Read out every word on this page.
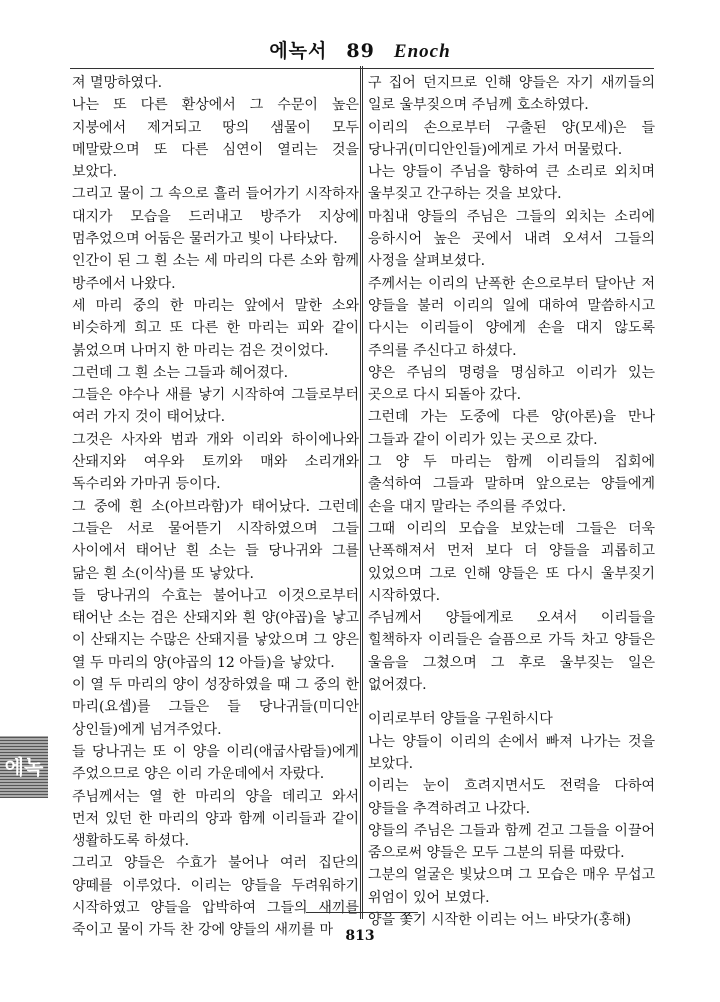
에녹서 89 Enoch

져 멸망하였다.

나는 또 다른 환상에서 그 수문이 높은 지붕에서 제거되고 땅의 샘물이 모두 메말랐으며 또 다른 심연이 열리는 것을 보았다.

그리고 물이 그 속으로 흘러 들어가기 시작하자 대지가 모습을 드러내고 방주가 지상에 멈추었으며 어둠은 물러가고 빛이 나타났다.

인간이 된 그 흰 소는 세 마리의 다른 소와 함께 방주에서 나왔다.

세 마리 중의 한 마리는 앞에서 말한 소와 비슷하게 희고 또 다른 한 마리는 피와 같이 붉었으며 나머지 한 마리는 검은 것이었다.

그런데 그 흰 소는 그들과 헤어졌다.

그들은 야수나 새를 낳기 시작하여 그들로부터 여러 가지 것이 태어났다.

그것은 사자와 범과 개와 이리와 하이에나와 산돼지와 여우와 토끼와 매와 소리개와 독수리와 가마귀 등이다.

그 중에 흰 소(아브라함)가 태어났다. 그런데 그들은 서로 물어뜯기 시작하였으며 그들 사이에서 태어난 흰 소는 들 당나귀와 그를 닮은 흰 소(이삭)를 또 낳았다.

들 당나귀의 수효는 불어나고 이것으로부터 태어난 소는 검은 산돼지와 흰 양(야곱)을 낳고 이 산돼지는 수많은 산돼지를 낳았으며 그 양은 열 두 마리의 양(야곱의 12 아들)을 낳았다.

이 열 두 마리의 양이 성장하였을 때 그 중의 한 마리(요셉)를 그들은 들 당나귀들(미디안 상인들)에게 넘겨주었다.

들 당나귀는 또 이 양을 이리(애굽사람들)에게 주었으므로 양은 이리 가운데에서 자랐다.

주님께서는 열 한 마리의 양을 데리고 와서 먼저 있던 한 마리의 양과 함께 이리들과 같이 생활하도록 하셨다.

그리고 양들은 수효가 불어나 여러 집단의 양떼를 이루었다. 이리는 양들을 두려워하기 시작하였고 양들을 압박하여 그들의 새끼를 죽이고 물이 가득 찬 강에 양들의 새끼를 마

구 집어 던지므로 인해 양들은 자기 새끼들의 일로 울부짖으며 주님께 호소하였다.

이리의 손으로부터 구출된 양(모세)은 들 당나귀(미디안인들)에게로 가서 머물렀다.

나는 양들이 주님을 향하여 큰 소리로 외치며 울부짖고 간구하는 것을 보았다.

마침내 양들의 주님은 그들의 외치는 소리에 응하시어 높은 곳에서 내려 오셔서 그들의 사정을 살펴보셨다.

주께서는 이리의 난폭한 손으로부터 달아난 저 양들을 불러 이리의 일에 대하여 말씀하시고 다시는 이리들이 양에게 손을 대지 않도록 주의를 주신다고 하셨다.

양은 주님의 명령을 명심하고 이리가 있는 곳으로 다시 되돌아 갔다.

그런데 가는 도중에 다른 양(아론)을 만나 그들과 같이 이리가 있는 곳으로 갔다.

그 양 두 마리는 함께 이리들의 집회에 출석하여 그들과 말하며 앞으로는 양들에게 손을 대지 말라는 주의를 주었다.

그때 이리의 모습을 보았는데 그들은 더욱 난폭해져서 먼저 보다 더 양들을 괴롭히고 있었으며 그로 인해 양들은 또 다시 울부짖기 시작하였다.

주님께서 양들에게로 오셔서 이리들을 힐책하자 이리들은 슬픔으로 가득 차고 양들은 울음을 그쳤으며 그 후로 울부짖는 일은 없어졌다.

이리로부터 양들을 구원하시다

나는 양들이 이리의 손에서 빠져 나가는 것을 보았다.

이리는 눈이 흐려지면서도 전력을 다하여 양들을 추격하려고 나갔다.

양들의 주님은 그들과 함께 걷고 그들을 이끌어 줌으로써 양들은 모두 그분의 뒤를 따랐다.

그분의 얼굴은 빛났으며 그 모습은 매우 무섭고 위엄이 있어 보였다.

양을 쫓기 시작한 이리는 어느 바닷가(홍해)

에녹
813
